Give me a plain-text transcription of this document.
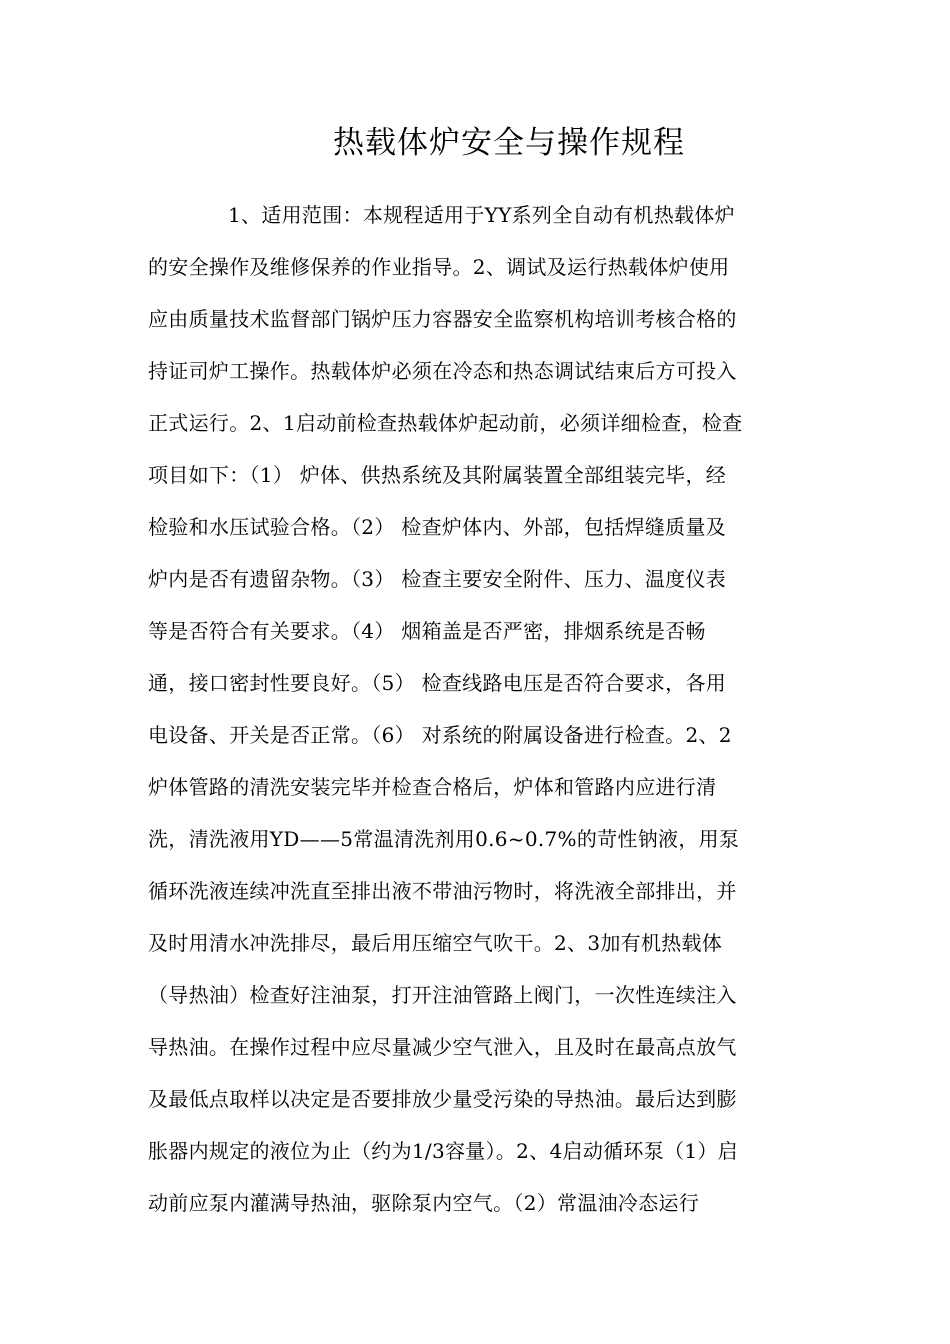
热载体炉安全与操作规程
1、适用范围：本规程适用于YY系列全自动有机热载体炉
的安全操作及维修保养的作业指导。2、调试及运行热载体炉使用
应由质量技术监督部门锅炉压力容器安全监察机构培训考核合格的
持证司炉工操作。热载体炉必须在冷态和热态调试结束后方可投入
正式运行。2、1启动前检查热载体炉起动前，必须详细检查，检查
项目如下：（1） 炉体、供热系统及其附属装置全部组装完毕，经
检验和水压试验合格。（2） 检查炉体内、外部，包括焊缝质量及
炉内是否有遗留杂物。（3） 检查主要安全附件、压力、温度仪表
等是否符合有关要求。（4） 烟箱盖是否严密，排烟系统是否畅
通，接口密封性要良好。（5） 检查线路电压是否符合要求，各用
电设备、开关是否正常。（6） 对系统的附属设备进行检查。2、2
炉体管路的清洗安装完毕并检查合格后，炉体和管路内应进行清
洗，清洗液用YD——5常温清洗剂用0.6~0.7%的苛性钠液，用泵
循环洗液连续冲洗直至排出液不带油污物时，将洗液全部排出，并
及时用清水冲洗排尽，最后用压缩空气吹干。2、3加有机热载体
（导热油）检查好注油泵，打开注油管路上阀门，一次性连续注入
导热油。在操作过程中应尽量减少空气泄入，且及时在最高点放气
及最低点取样以决定是否要排放少量受污染的导热油。最后达到膨
胀器内规定的液位为止（约为1/3容量）。2、4启动循环泵（1）启
动前应泵内灌满导热油，驱除泵内空气。（2）常温油冷态运行
